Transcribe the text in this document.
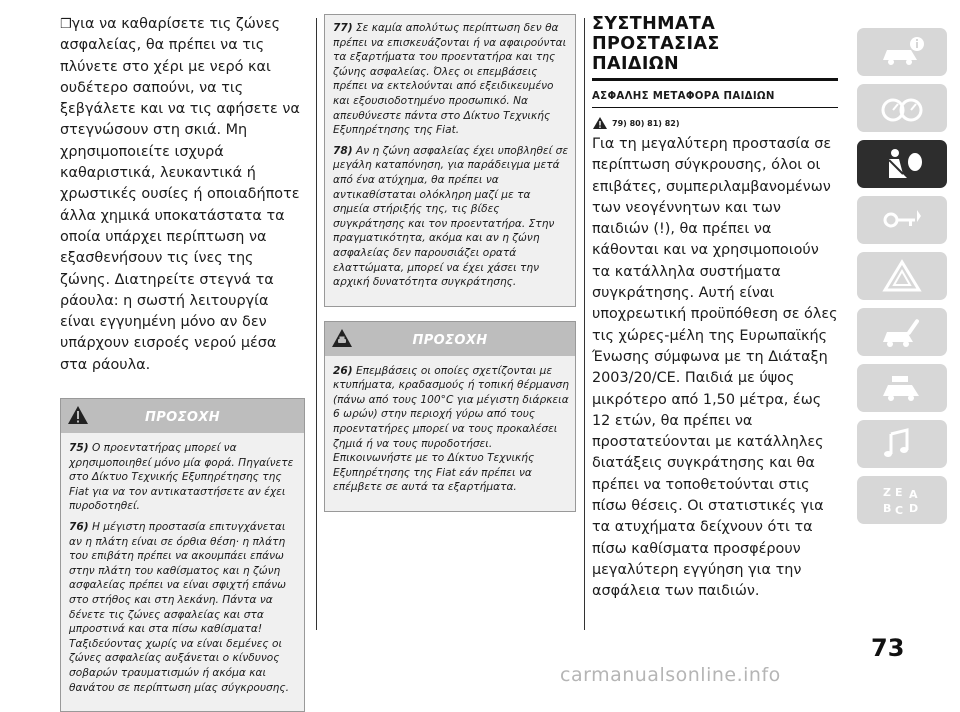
❒για να καθαρίσετε τις ζώνες ασφαλείας, θα πρέπει να τις πλύνετε στο χέρι με νερό και ουδέτερο σαπούνι, να τις ξεβγάλετε και να τις αφήσετε να στεγνώσουν στη σκιά. Μη χρησιμοποιείτε ισχυρά καθαριστικά, λευκαντικά ή χρωστικές ουσίες ή οποιαδήποτε άλλα χημικά υποκατάστατα τα οποία υπάρχει περίπτωση να εξασθενήσουν τις ίνες της ζώνης. Διατηρείτε στεγνά τα ράουλα: η σωστή λειτουργία είναι εγγυημένη μόνο αν δεν υπάρχουν εισροές νερού μέσα στα ράουλα.

ΠΡΟΣΟΧΗ

75) Ο προεντατήρας μπορεί να χρησιμοποιηθεί μόνο μία φορά. Πηγαίνετε στο Δίκτυο Τεχνικής Εξυπηρέτησης της Fiat για να τον αντικαταστήσετε αν έχει πυροδοτηθεί.

76) Η μέγιστη προστασία επιτυγχάνεται αν η πλάτη είναι σε όρθια θέση· η πλάτη του επιβάτη πρέπει να ακουμπάει επάνω στην πλάτη του καθίσματος και η ζώνη ασφαλείας πρέπει να είναι σφιχτή επάνω στο στήθος και στη λεκάνη. Πάντα να δένετε τις ζώνες ασφαλείας και στα μπροστινά και στα πίσω καθίσματα! Ταξιδεύοντας χωρίς να είναι δεμένες οι ζώνες ασφαλείας αυξάνεται ο κίνδυνος σοβαρών τραυματισμών ή ακόμα και θανάτου σε περίπτωση μίας σύγκρουσης.

77) Σε καμία απολύτως περίπτωση δεν θα πρέπει να επισκευάζονται ή να αφαιρούνται τα εξαρτήματα του προεντατήρα και της ζώνης ασφαλείας. Όλες οι επεμβάσεις πρέπει να εκτελούνται από εξειδικευμένο και εξουσιοδοτημένο προσωπικό. Να απευθύνεστε πάντα στο Δίκτυο Τεχνικής Εξυπηρέτησης της Fiat.

78) Αν η ζώνη ασφαλείας έχει υποβληθεί σε μεγάλη καταπόνηση, για παράδειγμα μετά από ένα ατύχημα, θα πρέπει να αντικαθίσταται ολόκληρη μαζί με τα σημεία στήριξής της, τις βίδες συγκράτησης και τον προεντατήρα. Στην πραγματικότητα, ακόμα και αν η ζώνη ασφαλείας δεν παρουσιάζει ορατά ελαττώματα, μπορεί να έχει χάσει την αρχική δυνατότητα συγκράτησης.

ΠΡΟΣΟΧΗ

26) Επεμβάσεις οι οποίες σχετίζονται με κτυπήματα, κραδασμούς ή τοπική θέρμανση (πάνω από τους 100°C για μέγιστη διάρκεια 6 ωρών) στην περιοχή γύρω από τους προεντατήρες μπορεί να τους προκαλέσει ζημιά ή να τους πυροδοτήσει. Επικοινωνήστε με το Δίκτυο Τεχνικής Εξυπηρέτησης της Fiat εάν πρέπει να επέμβετε σε αυτά τα εξαρτήματα.

ΣΥΣΤΗΜΑΤΑ ΠΡΟΣΤΑΣΙΑΣ
ΠΑΙΔΙΩΝ
ΑΣΦΑΛΗΣ ΜΕΤΑΦΟΡΑ ΠΑΙΔΙΩΝ
79) 80) 81) 82)

Για τη μεγαλύτερη προστασία σε περίπτωση σύγκρουσης, όλοι οι επιβάτες, συμπεριλαμβανομένων των νεογέννητων και των παιδιών (!), θα πρέπει να κάθονται και να χρησιμοποιούν τα κατάλληλα συστήματα συγκράτησης. Αυτή είναι υποχρεωτική προϋπόθεση σε όλες τις χώρες-μέλη της Ευρωπαϊκής Ένωσης σύμφωνα με τη Διάταξη 2003/20/CE. Παιδιά με ύψος μικρότερο από 1,50 μέτρα, έως 12 ετών, θα πρέπει να προστατεύονται με κατάλληλες διατάξεις συγκράτησης και θα πρέπει να τοποθετούνται στις πίσω θέσεις. Οι στατιστικές για τα ατυχήματα δείχνουν ότι τα πίσω καθίσματα προσφέρουν μεγαλύτερη εγγύηση για την ασφάλεια των παιδιών.

Z E A
B C D
73
carmanualsonline.info
